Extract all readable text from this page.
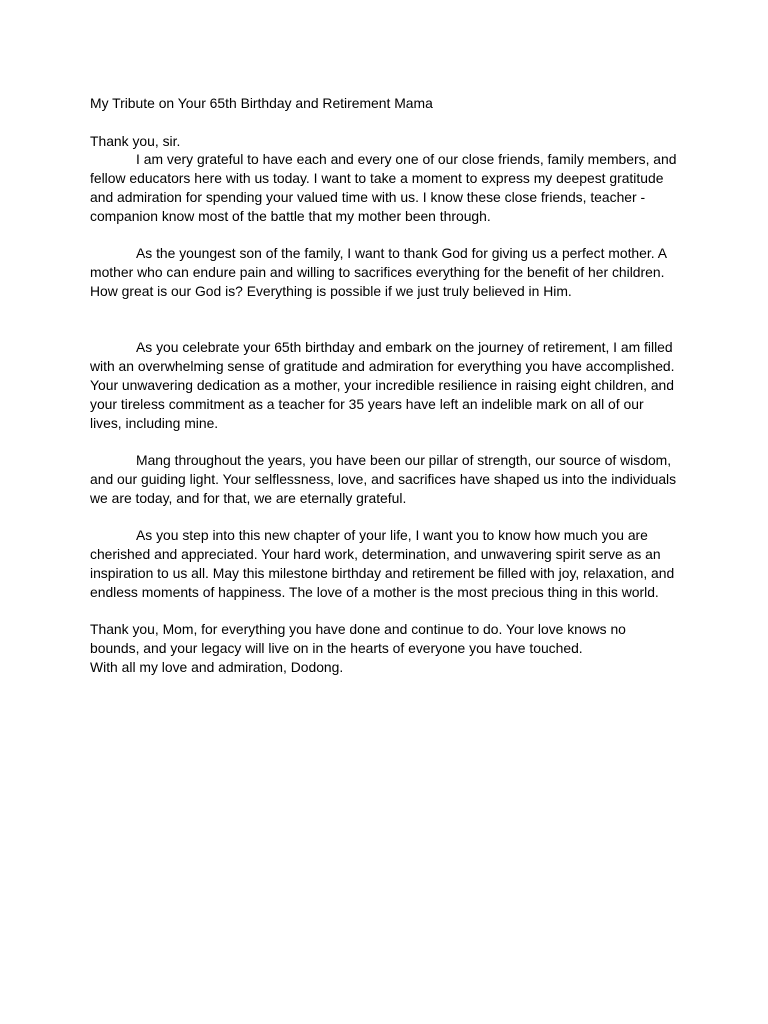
My Tribute on Your 65th Birthday and Retirement Mama

Thank you, sir.

I am very grateful to have each and every one of our close friends, family members, and fellow educators here with us today. I want to take a moment to express my deepest gratitude and admiration for spending your valued time with us. I know these close friends, teacher - companion know most of the battle that my mother been through.

As the youngest son of the family, I want to thank God for giving us a perfect mother. A mother who can endure pain and willing to sacrifices everything for the benefit of her children. How great is our God is? Everything is possible if we just truly believed in Him.

As you celebrate your 65th birthday and embark on the journey of retirement, I am filled with an overwhelming sense of gratitude and admiration for everything you have accomplished. Your unwavering dedication as a mother, your incredible resilience in raising eight children, and your tireless commitment as a teacher for 35 years have left an indelible mark on all of our lives, including mine.

Mang throughout the years, you have been our pillar of strength, our source of wisdom, and our guiding light. Your selflessness, love, and sacrifices have shaped us into the individuals we are today, and for that, we are eternally grateful.

As you step into this new chapter of your life, I want you to know how much you are cherished and appreciated. Your hard work, determination, and unwavering spirit serve as an inspiration to us all. May this milestone birthday and retirement be filled with joy, relaxation, and endless moments of happiness. The love of a mother is the most precious thing in this world.

Thank you, Mom, for everything you have done and continue to do. Your love knows no bounds, and your legacy will live on in the hearts of everyone you have touched.

With all my love and admiration, Dodong.
